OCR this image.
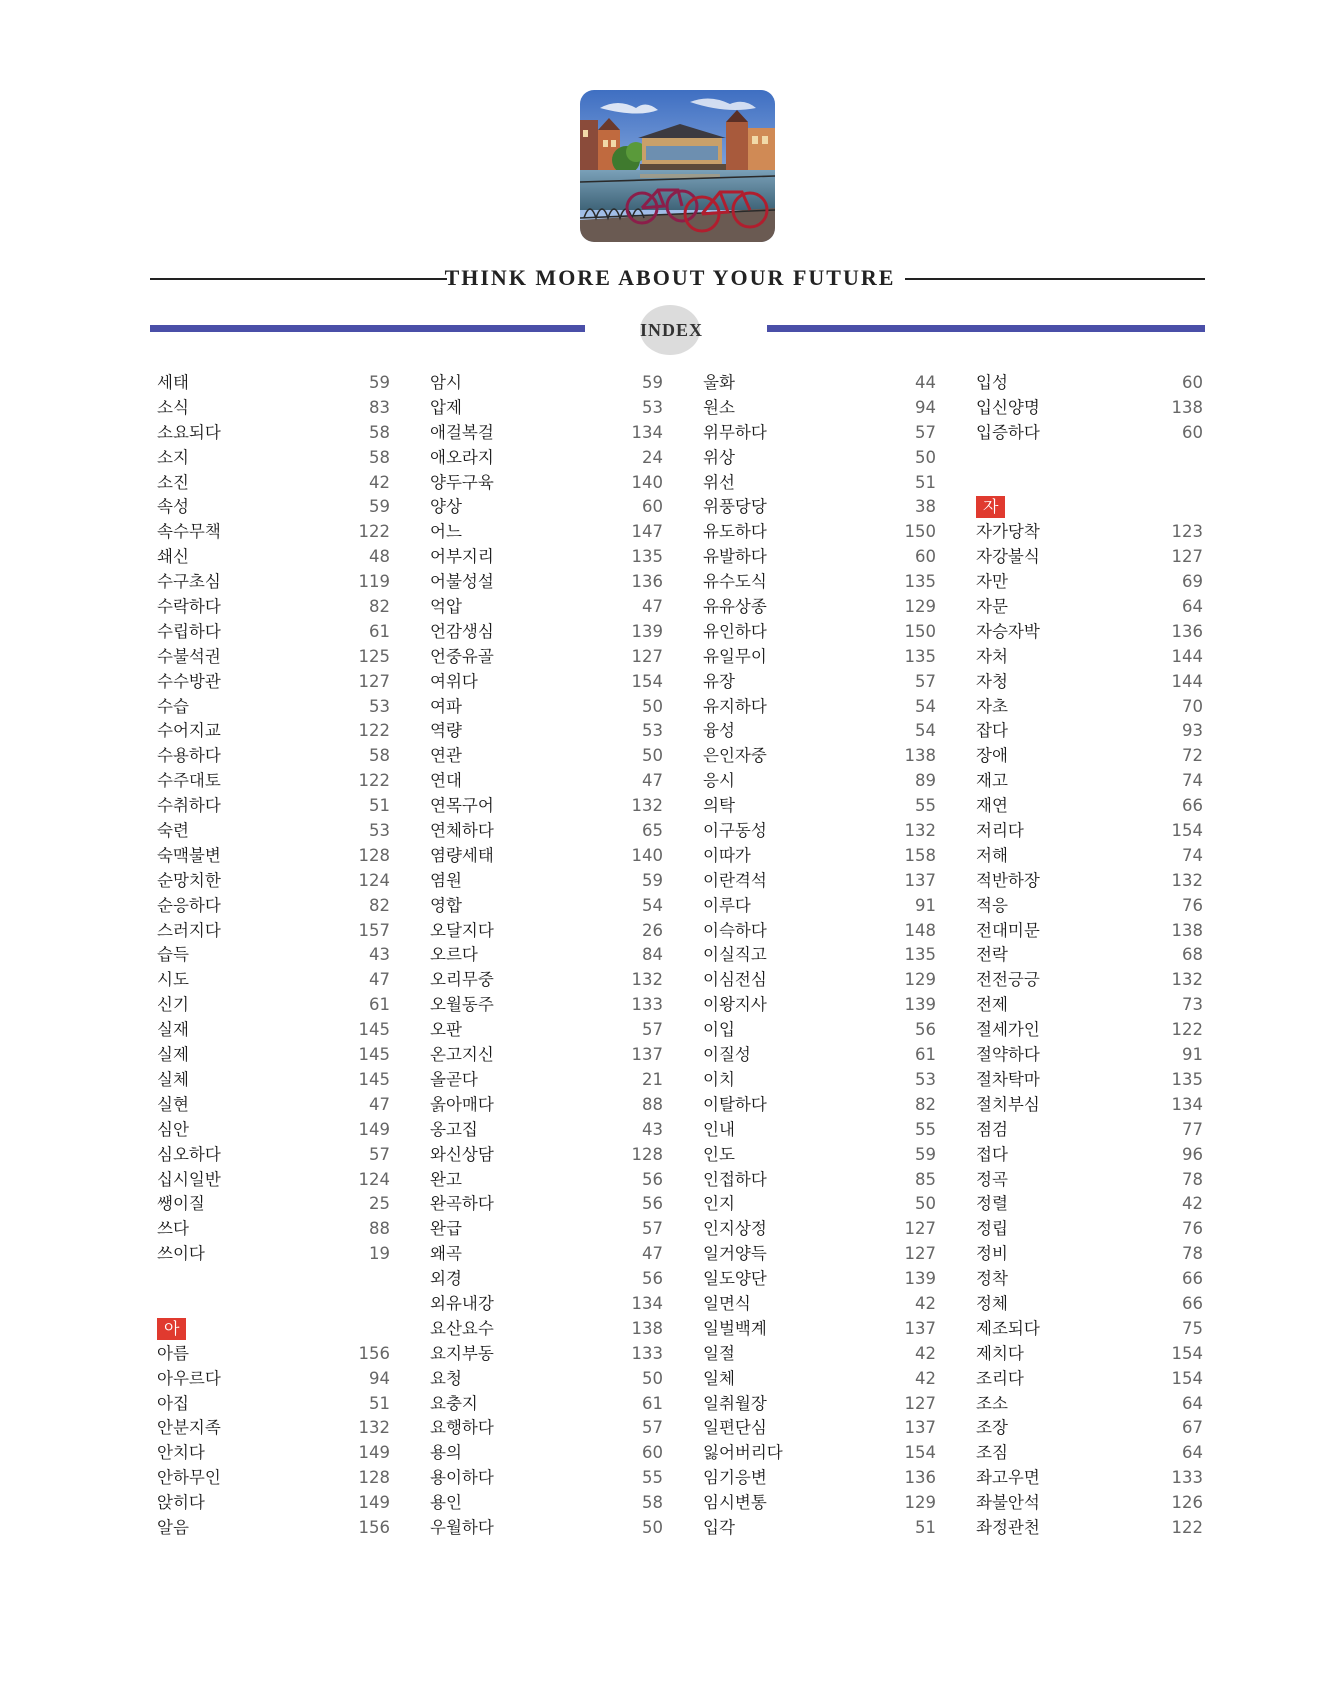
THINK MORE ABOUT YOUR FUTURE
INDEX
세태	59
소식	83
소요되다	58
소지	58
소진	42
속성	59
속수무책	122
쇄신	48
수구초심	119
수락하다	82
수립하다	61
수불석권	125
수수방관	127
수습	53
수어지교	122
수용하다	58
수주대토	122
수취하다	51
숙련	53
숙맥불변	128
순망치한	124
순응하다	82
스러지다	157
습득	43
시도	47
신기	61
실재	145
실제	145
실체	145
실현	47
심안	149
심오하다	57
십시일반	124
쌩이질	25
쓰다	88
쓰이다	19
아
아름	156
아우르다	94
아집	51
안분지족	132
안치다	149
안하무인	128
앉히다	149
알음	156
암시	59
압제	53
애걸복걸	134
애오라지	24
양두구육	140
양상	60
어느	147
어부지리	135
어불성설	136
억압	47
언감생심	139
언중유골	127
여위다	154
여파	50
역량	53
연관	50
연대	47
연목구어	132
연체하다	65
염량세태	140
염원	59
영합	54
오달지다	26
오르다	84
오리무중	132
오월동주	133
오판	57
온고지신	137
올곧다	21
옭아매다	88
옹고집	43
와신상담	128
완고	56
완곡하다	56
완급	57
왜곡	47
외경	56
외유내강	134
요산요수	138
요지부동	133
요청	50
요충지	61
요행하다	57
용의	60
용이하다	55
용인	58
우월하다	50
울화	44
원소	94
위무하다	57
위상	50
위선	51
위풍당당	38
유도하다	150
유발하다	60
유수도식	135
유유상종	129
유인하다	150
유일무이	135
유장	57
유지하다	54
융성	54
은인자중	138
응시	89
의탁	55
이구동성	132
이따가	158
이란격석	137
이루다	91
이슥하다	148
이실직고	135
이심전심	129
이왕지사	139
이입	56
이질성	61
이치	53
이탈하다	82
인내	55
인도	59
인접하다	85
인지	50
인지상정	127
일거양득	127
일도양단	139
일면식	42
일벌백계	137
일절	42
일체	42
일취월장	127
일편단심	137
잃어버리다	154
임기응변	136
임시변통	129
입각	51
입성	60
입신양명	138
입증하다	60
자
자가당착	123
자강불식	127
자만	69
자문	64
자승자박	136
자처	144
자청	144
자초	70
잡다	93
장애	72
재고	74
재연	66
저리다	154
저해	74
적반하장	132
적응	76
전대미문	138
전락	68
전전긍긍	132
전제	73
절세가인	122
절약하다	91
절차탁마	135
절치부심	134
점검	77
접다	96
정곡	78
정렬	42
정립	76
정비	78
정착	66
정체	66
제조되다	75
제치다	154
조리다	154
조소	64
조장	67
조짐	64
좌고우면	133
좌불안석	126
좌정관천	122
